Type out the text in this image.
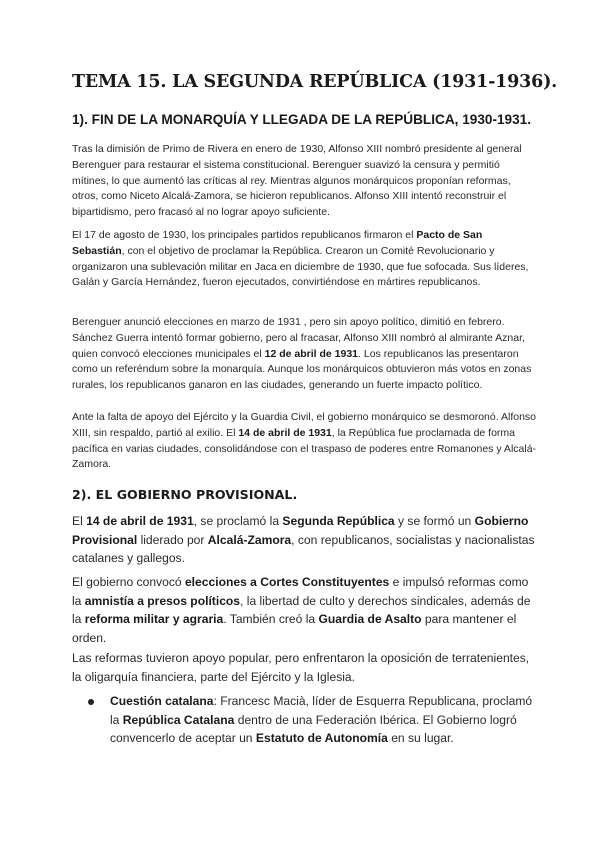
TEMA 15. LA SEGUNDA REPÚBLICA (1931-1936).
1). FIN DE LA MONARQUÍA Y LLEGADA DE LA REPÚBLICA, 1930-1931.
Tras la dimisión de Primo de Rivera en enero de 1930, Alfonso XIII nombró presidente al general Berenguer para restaurar el sistema constitucional. Berenguer suavizó la censura y permitió mítines, lo que aumentó las críticas al rey. Mientras algunos monárquicos proponían reformas, otros, como Niceto Alcalá-Zamora, se hicieron republicanos. Alfonso XIII intentó reconstruir el bipartidismo, pero fracasó al no lograr apoyo suficiente.
El 17 de agosto de 1930, los principales partidos republicanos firmaron el Pacto de San Sebastián, con el objetivo de proclamar la República. Crearon un Comité Revolucionario y organizaron una sublevación militar en Jaca en diciembre de 1930, que fue sofocada. Sus líderes, Galán y García Hernández, fueron ejecutados, convirtiéndose en mártires republicanos.
Berenguer anunció elecciones en marzo de 1931 , pero sin apoyo político, dimitió en febrero. Sánchez Guerra intentó formar gobierno, pero al fracasar, Alfonso XIII nombró al almirante Aznar, quien convocó elecciones municipales el 12 de abril de 1931. Los republicanos las presentaron como un referéndum sobre la monarquía. Aunque los monárquicos obtuvieron más votos en zonas rurales, los republicanos ganaron en las ciudades, generando un fuerte impacto político.
Ante la falta de apoyo del Ejército y la Guardia Civil, el gobierno monárquico se desmoronó. Alfonso XIII, sin respaldo, partió al exilio. El 14 de abril de 1931, la República fue proclamada de forma pacífica en varias ciudades, consolidándose con el traspaso de poderes entre Romanones y Alcalá-Zamora.
2). EL GOBIERNO PROVISIONAL.
El 14 de abril de 1931, se proclamó la Segunda República y se formó un Gobierno Provisional liderado por Alcalá-Zamora, con republicanos, socialistas y nacionalistas catalanes y gallegos.
El gobierno convocó elecciones a Cortes Constituyentes e impulsó reformas como la amnistía a presos políticos, la libertad de culto y derechos sindicales, además de la reforma militar y agraria. También creó la Guardia de Asalto para mantener el orden.
Las reformas tuvieron apoyo popular, pero enfrentaron la oposición de terratenientes, la oligarquía financiera, parte del Ejército y la Iglesia.
Cuestión catalana: Francesc Macià, líder de Esquerra Republicana, proclamó la República Catalana dentro de una Federación Ibérica. El Gobierno logró convencerlo de aceptar un Estatuto de Autonomía en su lugar.
